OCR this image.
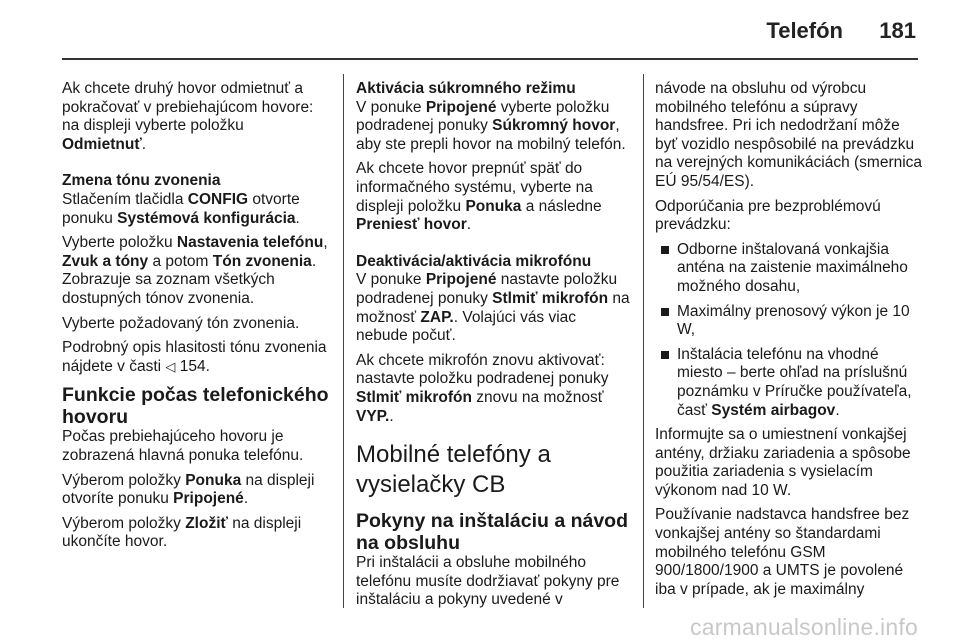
Telefón 181

Ak chcete druhý hovor odmietnuť a pokračovať v prebiehajúcom hovore: na displeji vyberte položku Odmietnuť.

Zmena tónu zvonenia

Stlačením tlačidla CONFIG otvorte ponuku Systémová konfigurácia.

Vyberte položku Nastavenia telefónu, Zvuk a tóny a potom Tón zvonenia. Zobrazuje sa zoznam všetkých dostupných tónov zvonenia.

Vyberte požadovaný tón zvonenia.

Podrobný opis hlasitosti tónu zvonenia nájdete v časti ◁ 154.

Funkcie počas telefonického hovoru

Počas prebiehajúceho hovoru je zobrazená hlavná ponuka telefónu.

Výberom položky Ponuka na displeji otvoríte ponuku Pripojené.

Výberom položky Zložiť na displeji ukončíte hovor.

Aktivácia súkromného režimu

V ponuke Pripojené vyberte položku podradenej ponuky Súkromný hovor, aby ste prepli hovor na mobilný telefón.

Ak chcete hovor prepnúť späť do informačného systému, vyberte na displeji položku Ponuka a následne Preniesť hovor.

Deaktivácia/aktivácia mikrofónu

V ponuke Pripojené nastavte položku podradenej ponuky Stlmiť mikrofón na možnosť ZAP.. Volajúci vás viac nebude počuť.

Ak chcete mikrofón znovu aktivovať: nastavte položku podradenej ponuky Stlmiť mikrofón znovu na možnosť VYP..

Mobilné telefóny a vysielačky CB
Pokyny na inštaláciu a návod na obsluhu

Pri inštalácii a obsluhe mobilného telefónu musíte dodržiavať pokyny pre inštaláciu a pokyny uvedené v

návode na obsluhu od výrobcu mobilného telefónu a súpravy handsfree. Pri ich nedodržaní môže byť vozidlo nespôsobilé na prevádzku na verejných komunikáciách (smernica EÚ 95/54/ES).

Odporúčania pre bezproblémovú prevádzku:

Odborne inštalovaná vonkajšia anténa na zaistenie maximálneho možného dosahu,
Maximálny prenosový výkon je 10 W,
Inštalácia telefónu na vhodné miesto – berte ohľad na príslušnú poznámku v Príručke používateľa, časť Systém airbagov.

Informujte sa o umiestnení vonkajšej antény, držiaku zariadenia a spôsobe použitia zariadenia s vysielacím výkonom nad 10 W.

Používanie nadstavca handsfree bez vonkajšej antény so štandardami mobilného telefónu GSM 900/1800/1900 a UMTS je povolené iba v prípade, ak je maximálny

carmanualsonline.info
